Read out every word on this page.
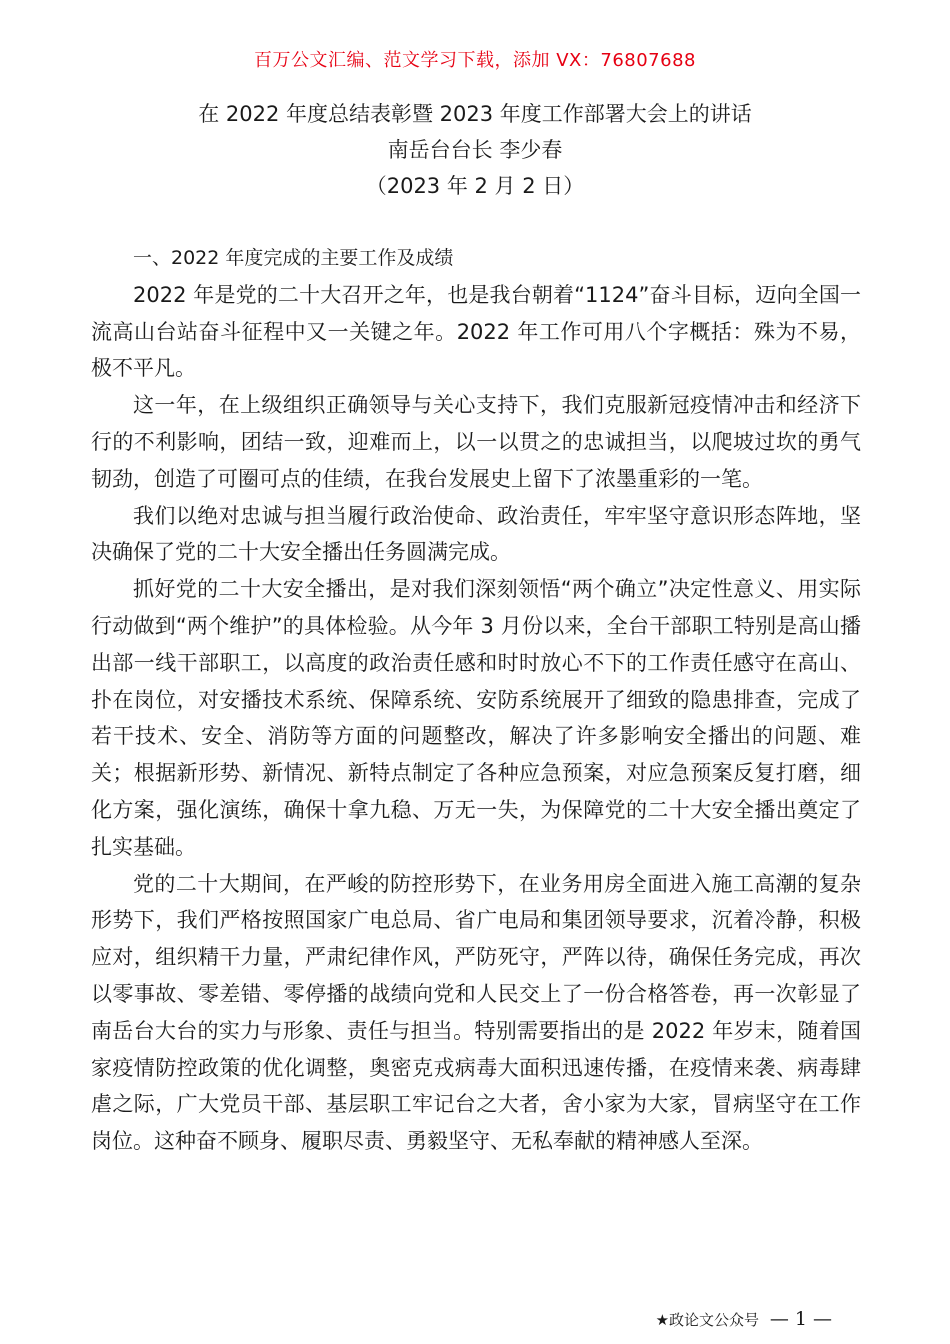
百万公文汇编、范文学习下载，添加 VX：76807688
在 2022 年度总结表彰暨 2023 年度工作部署大会上的讲话
南岳台台长 李少春
（2023 年 2 月 2 日）

一、2022 年度完成的主要工作及成绩

2022 年是党的二十大召开之年，也是我台朝着“1124”奋斗目标，迈向全国一流高山台站奋斗征程中又一关键之年。2022 年工作可用八个字概括：殊为不易，极不平凡。

这一年，在上级组织正确领导与关心支持下，我们克服新冠疫情冲击和经济下行的不利影响，团结一致，迎难而上，以一以贯之的忠诚担当，以爬坡过坎的勇气韧劲，创造了可圈可点的佳绩，在我台发展史上留下了浓墨重彩的一笔。

我们以绝对忠诚与担当履行政治使命、政治责任，牢牢坚守意识形态阵地，坚决确保了党的二十大安全播出任务圆满完成。

抓好党的二十大安全播出，是对我们深刻领悟“两个确立”决定性意义、用实际行动做到“两个维护”的具体检验。从今年 3 月份以来，全台干部职工特别是高山播出部一线干部职工，以高度的政治责任感和时时放心不下的工作责任感守在高山、扑在岗位，对安播技术系统、保障系统、安防系统展开了细致的隐患排查，完成了若干技术、安全、消防等方面的问题整改，解决了许多影响安全播出的问题、难关；根据新形势、新情况、新特点制定了各种应急预案，对应急预案反复打磨，细化方案，强化演练，确保十拿九稳、万无一失，为保障党的二十大安全播出奠定了扎实基础。

党的二十大期间，在严峻的防控形势下，在业务用房全面进入施工高潮的复杂形势下，我们严格按照国家广电总局、省广电局和集团领导要求，沉着冷静，积极应对，组织精干力量，严肃纪律作风，严防死守，严阵以待，确保任务完成，再次以零事故、零差错、零停播的战绩向党和人民交上了一份合格答卷，再一次彰显了南岳台大台的实力与形象、责任与担当。特别需要指出的是 2022 年岁末，随着国家疫情防控政策的优化调整，奥密克戎病毒大面积迅速传播，在疫情来袭、病毒肆虐之际，广大党员干部、基层职工牢记台之大者，舍小家为大家，冒病坚守在工作岗位。这种奋不顾身、履职尽责、勇毅坚守、无私奉献的精神感人至深。

★政论文公众号 — 1 —
